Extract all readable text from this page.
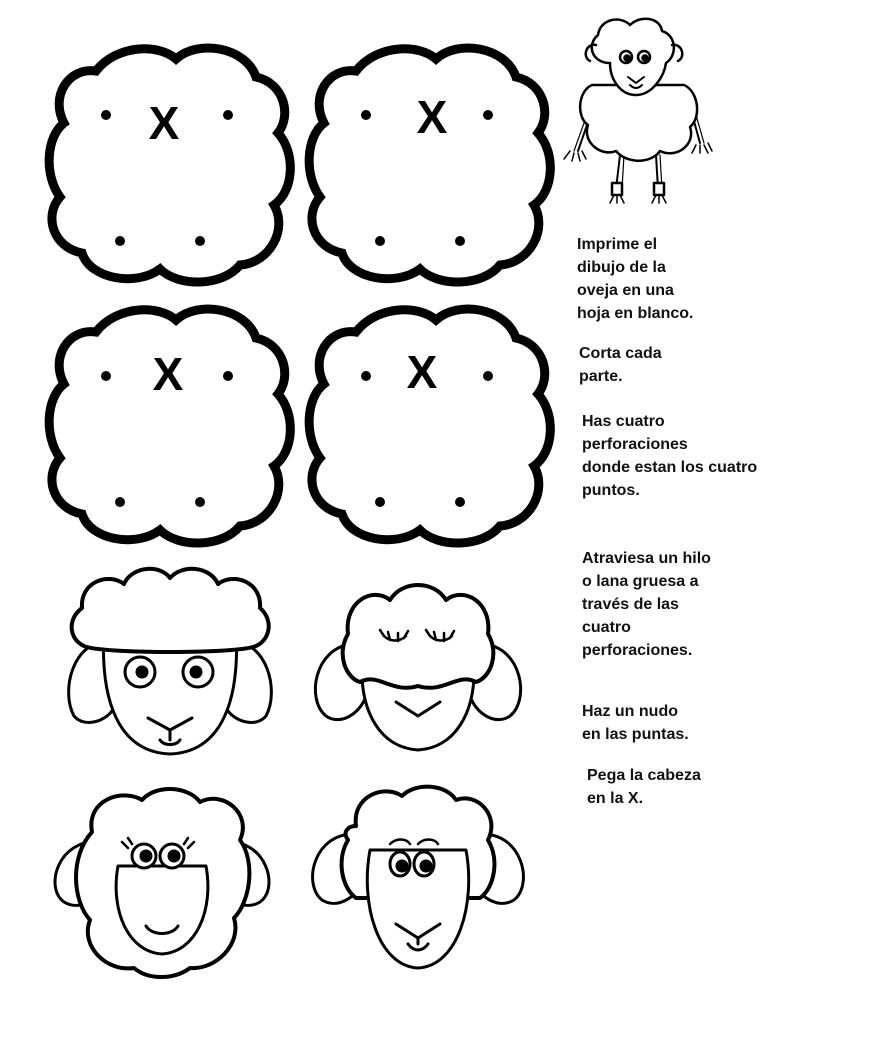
X	X
X	X

Imprime el
dibujo de la
oveja en una
hoja en blanco.

Corta cada
parte.

Has cuatro
perforaciones
donde estan los cuatro
puntos.

Atraviesa un hilo
o lana gruesa a
través de las
cuatro
perforaciones.

Haz un nudo
en las puntas.

Pega la cabeza
en la X.
